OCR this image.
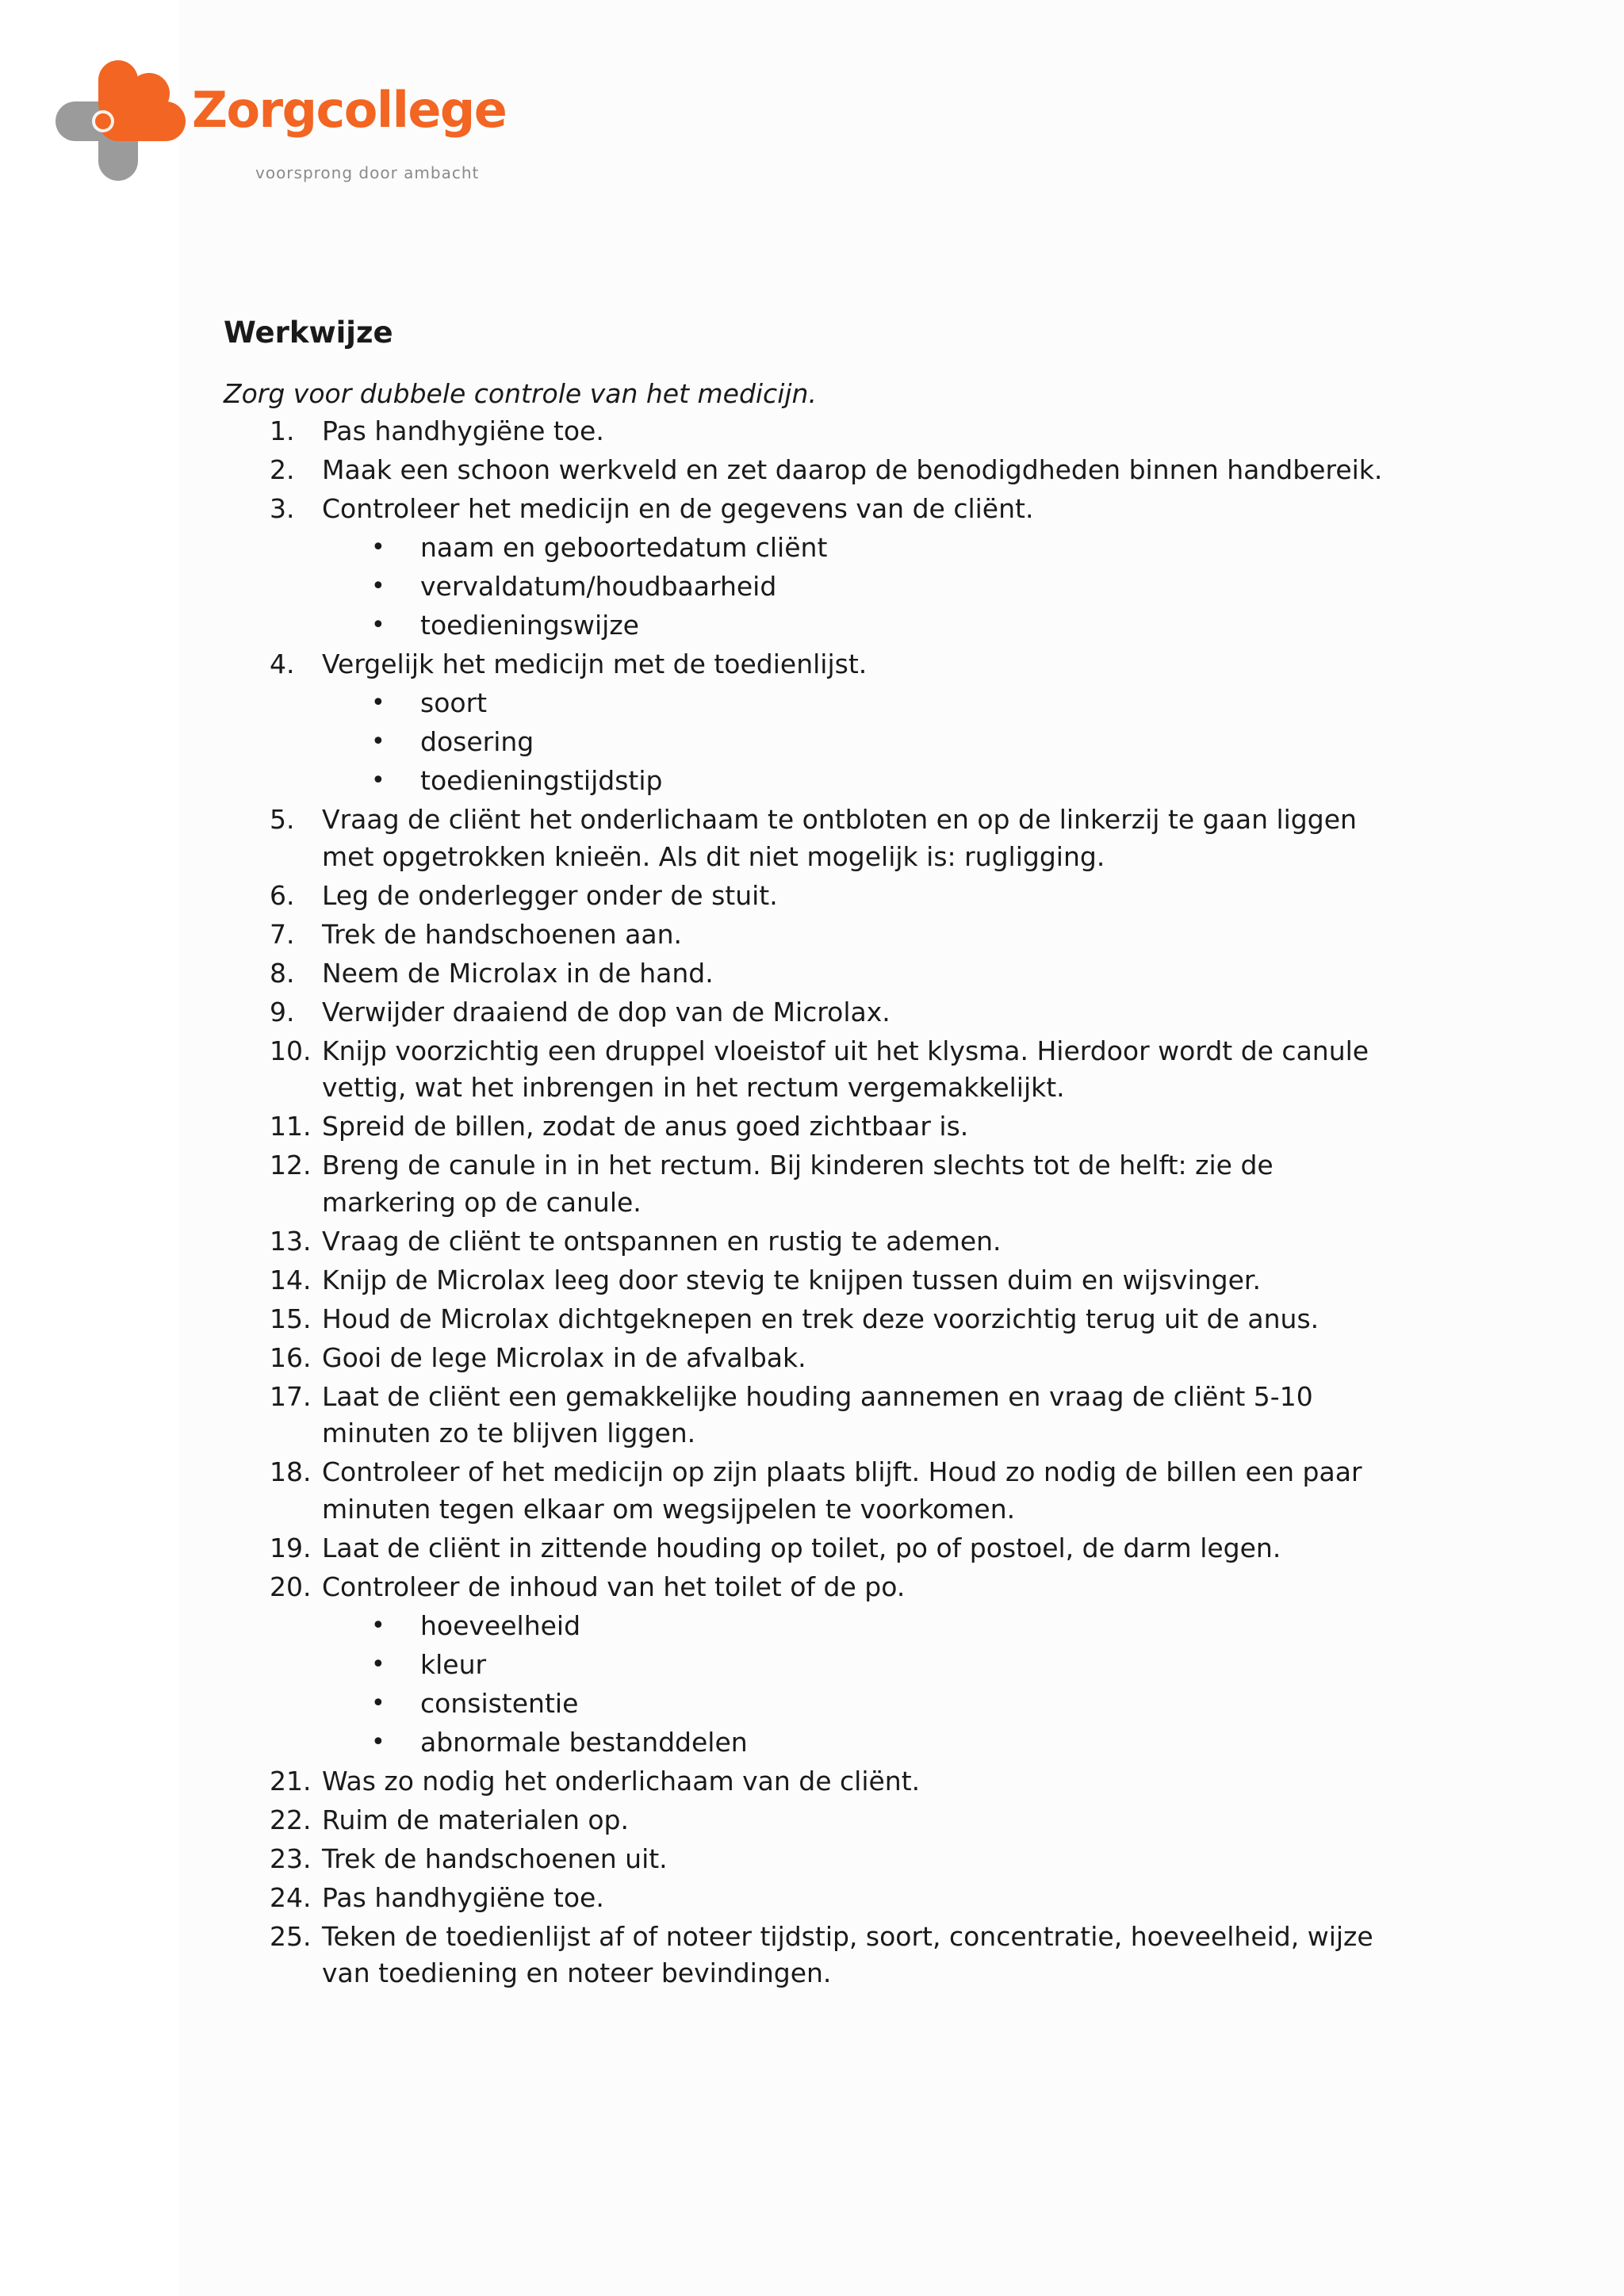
Zorgcollege
voorsprong door ambacht
Werkwijze

Zorg voor dubbele controle van het medicijn.

1. Pas handhygiëne toe.
2. Maak een schoon werkveld en zet daarop de benodigdheden binnen handbereik.
3. Controleer het medicijn en de gegevens van de cliënt.
• naam en geboortedatum cliënt
• vervaldatum/houdbaarheid
• toedieningswijze
4. Vergelijk het medicijn met de toedienlijst.
• soort
• dosering
• toedieningstijdstip
5. Vraag de cliënt het onderlichaam te ontbloten en op de linkerzij te gaan liggen met opgetrokken knieën. Als dit niet mogelijk is: rugligging.
6. Leg de onderlegger onder de stuit.
7. Trek de handschoenen aan.
8. Neem de Microlax in de hand.
9. Verwijder draaiend de dop van de Microlax.
10. Knijp voorzichtig een druppel vloeistof uit het klysma. Hierdoor wordt de canule vettig, wat het inbrengen in het rectum vergemakkelijkt.
11. Spreid de billen, zodat de anus goed zichtbaar is.
12. Breng de canule in in het rectum. Bij kinderen slechts tot de helft: zie de markering op de canule.
13. Vraag de cliënt te ontspannen en rustig te ademen.
14. Knijp de Microlax leeg door stevig te knijpen tussen duim en wijsvinger.
15. Houd de Microlax dichtgeknepen en trek deze voorzichtig terug uit de anus.
16. Gooi de lege Microlax in de afvalbak.
17. Laat de cliënt een gemakkelijke houding aannemen en vraag de cliënt 5-10 minuten zo te blijven liggen.
18. Controleer of het medicijn op zijn plaats blijft. Houd zo nodig de billen een paar minuten tegen elkaar om wegsijpelen te voorkomen.
19. Laat de cliënt in zittende houding op toilet, po of postoel, de darm legen.
20. Controleer de inhoud van het toilet of de po.
• hoeveelheid
• kleur
• consistentie
• abnormale bestanddelen
21. Was zo nodig het onderlichaam van de cliënt.
22. Ruim de materialen op.
23. Trek de handschoenen uit.
24. Pas handhygiëne toe.
25. Teken de toedienlijst af of noteer tijdstip, soort, concentratie, hoeveelheid, wijze van toediening en noteer bevindingen.
